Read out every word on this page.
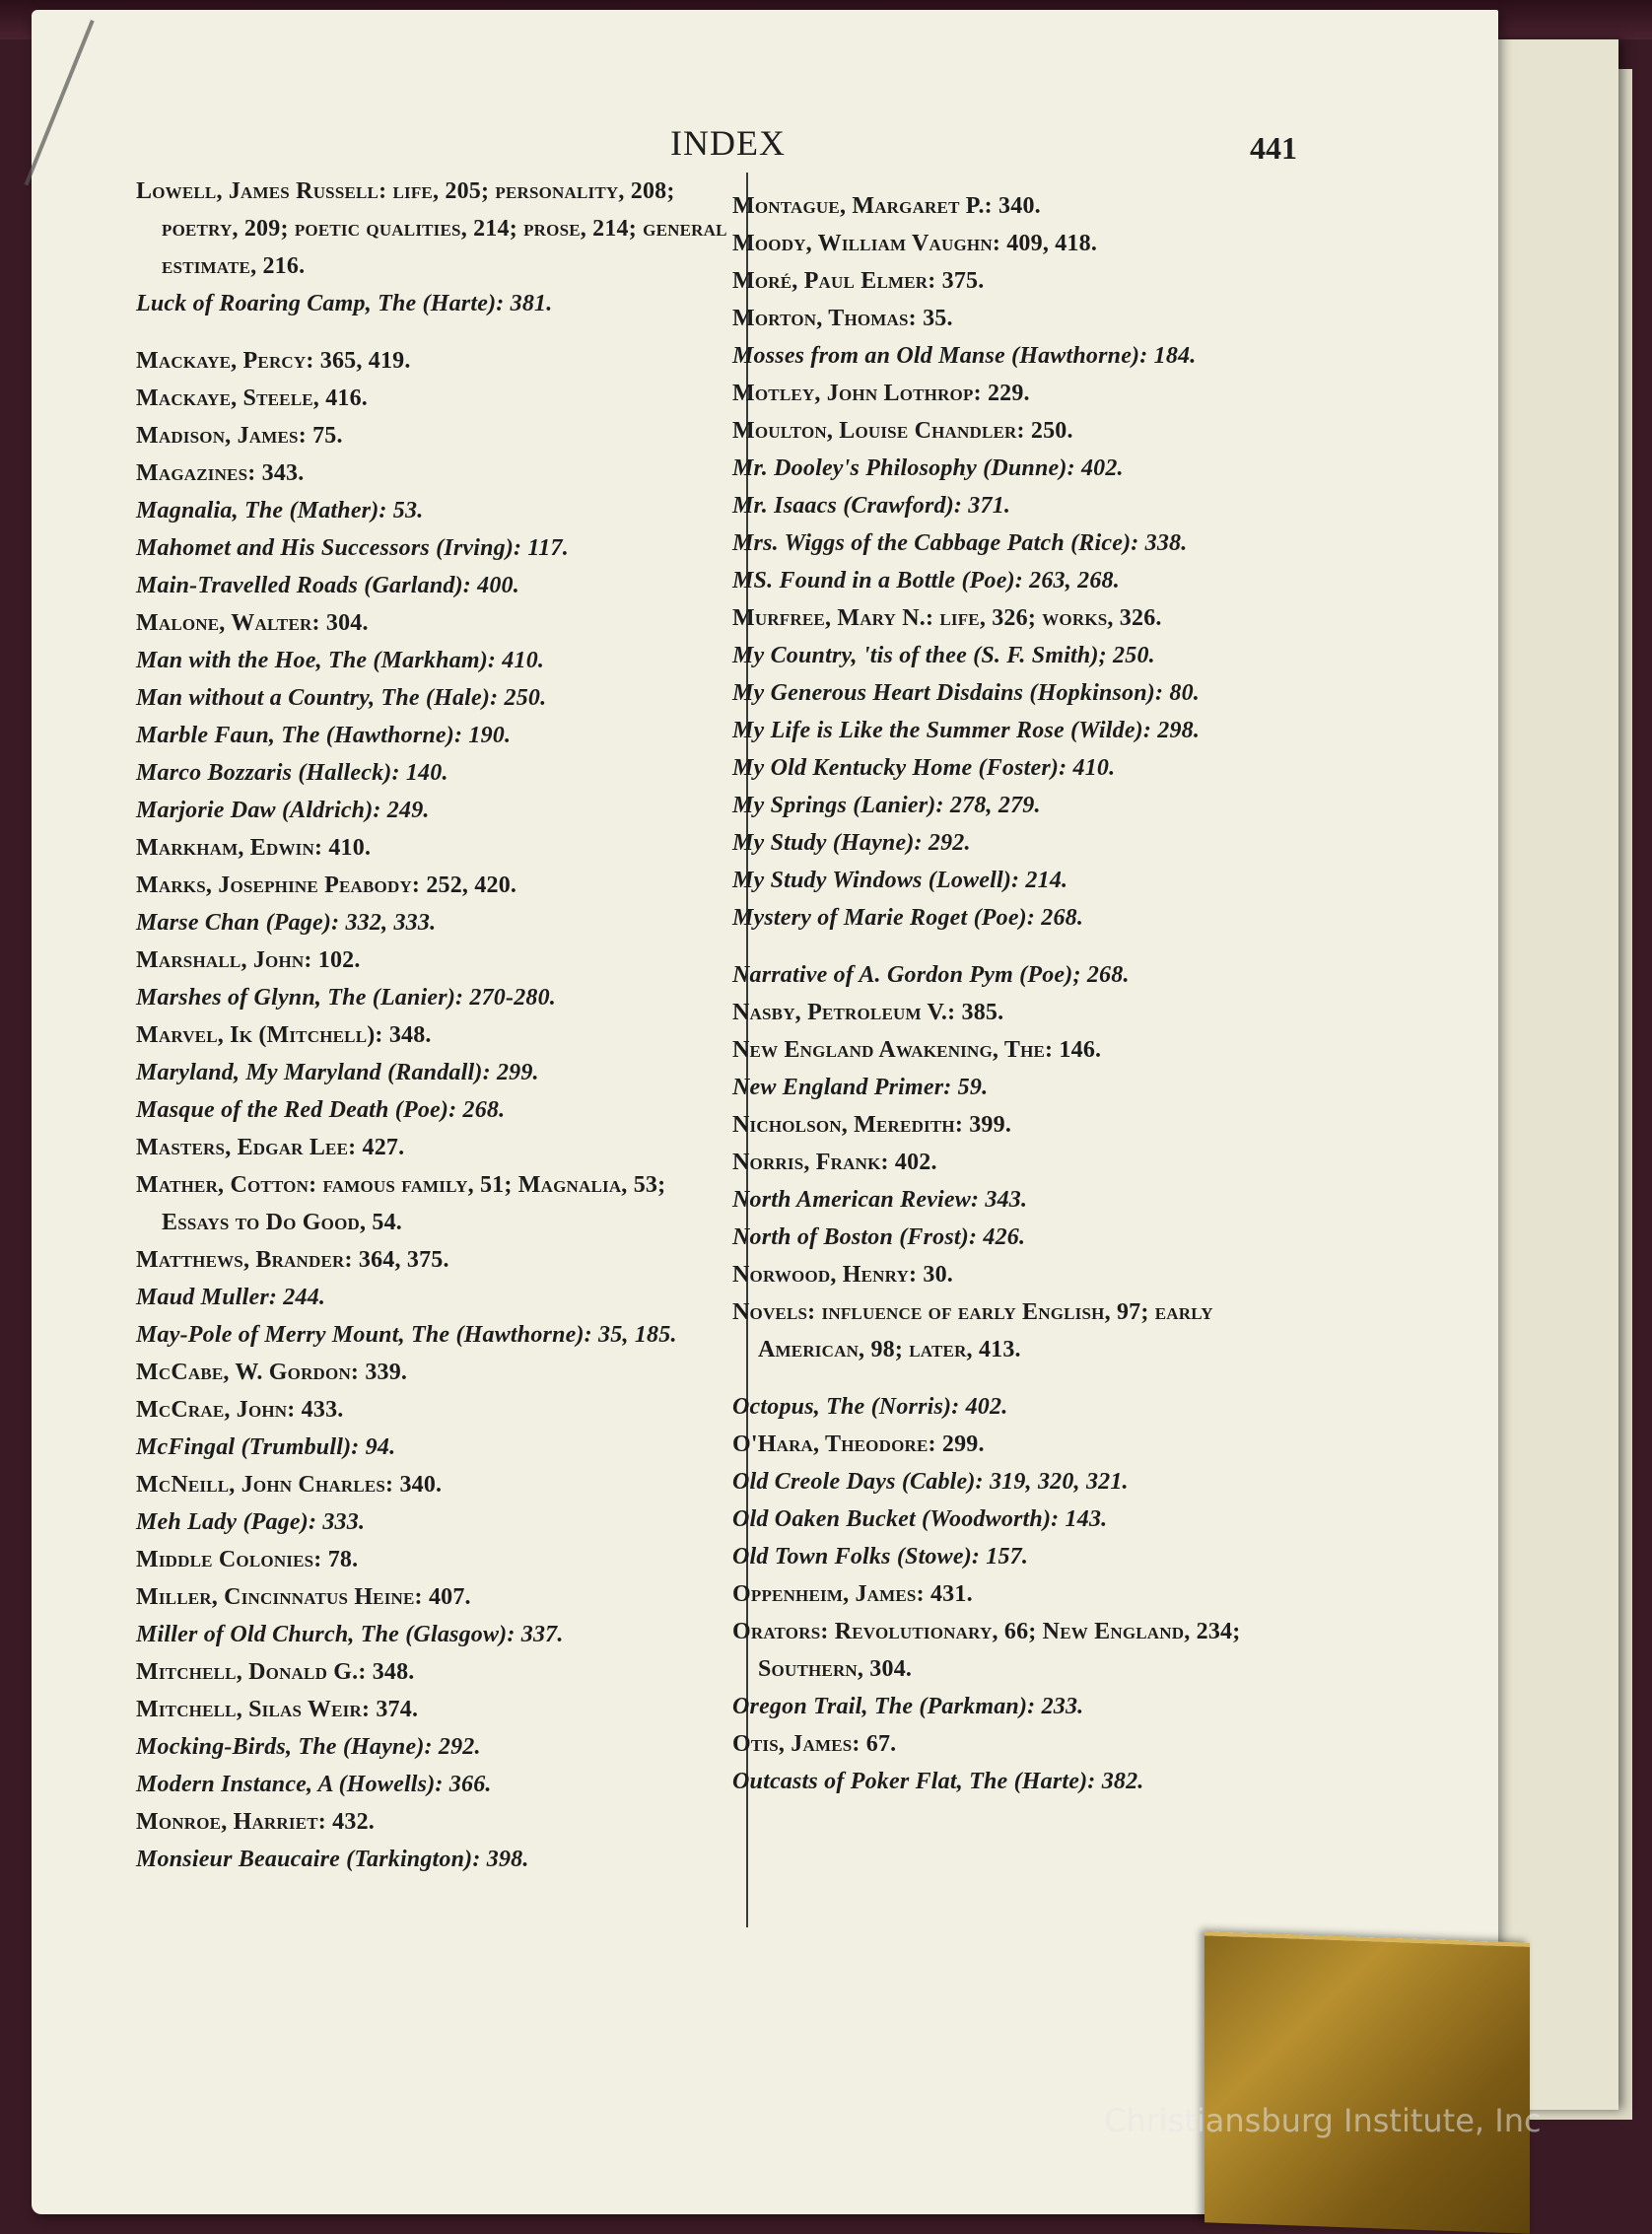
INDEX	441
Lowell, James Russell: life, 205; personality, 208; poetry, 209; poetic qualities, 214; prose, 214; general estimate, 216.
Luck of Roaring Camp, The (Harte): 381.
Mackaye, Percy: 365, 419.
Mackaye, Steele, 416.
Madison, James: 75.
Magazines: 343.
Magnalia, The (Mather): 53.
Mahomet and His Successors (Irving): 117.
Main-Travelled Roads (Garland): 400.
Malone, Walter: 304.
Man with the Hoe, The (Markham): 410.
Man without a Country, The (Hale): 250.
Marble Faun, The (Hawthorne): 190.
Marco Bozzaris (Halleck): 140.
Marjorie Daw (Aldrich): 249.
Markham, Edwin: 410.
Marks, Josephine Peabody: 252, 420.
Marse Chan (Page): 332, 333.
Marshall, John: 102.
Marshes of Glynn, The (Lanier): 270-280.
Marvel, Ik (Mitchell): 348.
Maryland, My Maryland (Randall): 299.
Masque of the Red Death (Poe): 268.
Masters, Edgar Lee: 427.
Mather, Cotton: famous family, 51; Magnalia, 53; Essays to Do Good, 54.
Matthews, Brander: 364, 375.
Maud Muller: 244.
May-Pole of Merry Mount, The (Hawthorne): 35, 185.
McCabe, W. Gordon: 339.
McCrae, John: 433.
McFingal (Trumbull): 94.
McNeill, John Charles: 340.
Meh Lady (Page): 333.
Middle Colonies: 78.
Miller, Cincinnatus Heine: 407.
Miller of Old Church, The (Glasgow): 337.
Mitchell, Donald G.: 348.
Mitchell, Silas Weir: 374.
Mocking-Birds, The (Hayne): 292.
Modern Instance, A (Howells): 366.
Monroe, Harriet: 432.
Monsieur Beaucaire (Tarkington): 398.
Montague, Margaret P.: 340.
Moody, William Vaughn: 409, 418.
Moré, Paul Elmer: 375.
Morton, Thomas: 35.
Mosses from an Old Manse (Hawthorne): 184.
Motley, John Lothrop: 229.
Moulton, Louise Chandler: 250.
Mr. Dooley's Philosophy (Dunne): 402.
Mr. Isaacs (Crawford): 371.
Mrs. Wiggs of the Cabbage Patch (Rice): 338.
MS. Found in a Bottle (Poe): 263, 268.
Murfree, Mary N.: life, 326; works, 326.
My Country, 'tis of thee (S. F. Smith); 250.
My Generous Heart Disdains (Hopkinson): 80.
My Life is Like the Summer Rose (Wilde): 298.
My Old Kentucky Home (Foster): 410.
My Springs (Lanier): 278, 279.
My Study (Hayne): 292.
My Study Windows (Lowell): 214.
Mystery of Marie Roget (Poe): 268.
Narrative of A. Gordon Pym (Poe); 268.
Nasby, Petroleum V.: 385.
New England Awakening, The: 146.
New England Primer: 59.
Nicholson, Meredith: 399.
Norris, Frank: 402.
North American Review: 343.
North of Boston (Frost): 426.
Norwood, Henry: 30.
Novels: influence of early English, 97; early American, 98; later, 413.
Octopus, The (Norris): 402.
O'Hara, Theodore: 299.
Old Creole Days (Cable): 319, 320, 321.
Old Oaken Bucket (Woodworth): 143.
Old Town Folks (Stowe): 157.
Oppenheim, James: 431.
Orators: Revolutionary, 66; New England, 234; Southern, 304.
Oregon Trail, The (Parkman): 233.
Otis, James: 67.
Outcasts of Poker Flat, The (Harte): 382.
Christiansburg Institute, Inc
